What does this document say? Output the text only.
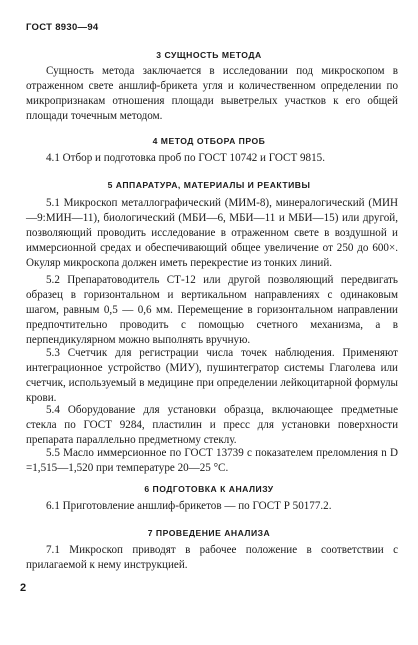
ГОСТ 8930—94
3 СУЩНОСТЬ МЕТОДА

Сущность метода заключается в исследовании под микроскопом в отраженном свете аншлиф-брикета угля и количественном определении по микропризнакам отношения площади выветрелых участков к его общей площади точечным методом.

4 МЕТОД ОТБОРА ПРОБ

4.1 Отбор и подготовка проб по ГОСТ 10742 и ГОСТ 9815.

5 АППАРАТУРА, МАТЕРИАЛЫ И РЕАКТИВЫ

5.1 Микроскоп металлографический (МИМ-8), минералогический (МИН—9:МИН—11), биологический (МБИ—6, МБИ—11 и МБИ—15) или другой, позволяющий проводить исследование в отраженном свете в воздушной и иммерсионной средах и обеспечивающий общее увеличение от 250 до 600×. Окуляр микроскопа должен иметь перекрестие из тонких линий.

5.2 Препаратоводитель СТ-12 или другой позволяющий передвигать образец в горизонтальном и вертикальном направлениях с одинаковым шагом, равным 0,5 — 0,6 мм. Перемещение в горизонтальном направлении предпочтительно проводить с помощью счетного механизма, а в перпендикулярном можно выполнять вручную.

5.3 Счетчик для регистрации числа точек наблюдения. Применяют интеграционное устройство (МИУ), пушинтегратор системы Глаголева или счетчик, используемый в медицине при определении лейкоцитарной формулы крови.

5.4 Оборудование для установки образца, включающее предметные стекла по ГОСТ 9284, пластилин и пресс для установки поверхности препарата параллельно предметному стеклу.

5.5 Масло иммерсионное по ГОСТ 13739 с показателем преломления n D =1,515—1,520 при температуре 20—25 °С.

6 ПОДГОТОВКА К АНАЛИЗУ

6.1 Приготовление аншлиф-брикетов — по ГОСТ Р 50177.2.

7 ПРОВЕДЕНИЕ АНАЛИЗА

7.1 Микроскоп приводят в рабочее положение в соответствии с прилагаемой к нему инструкцией.

2
